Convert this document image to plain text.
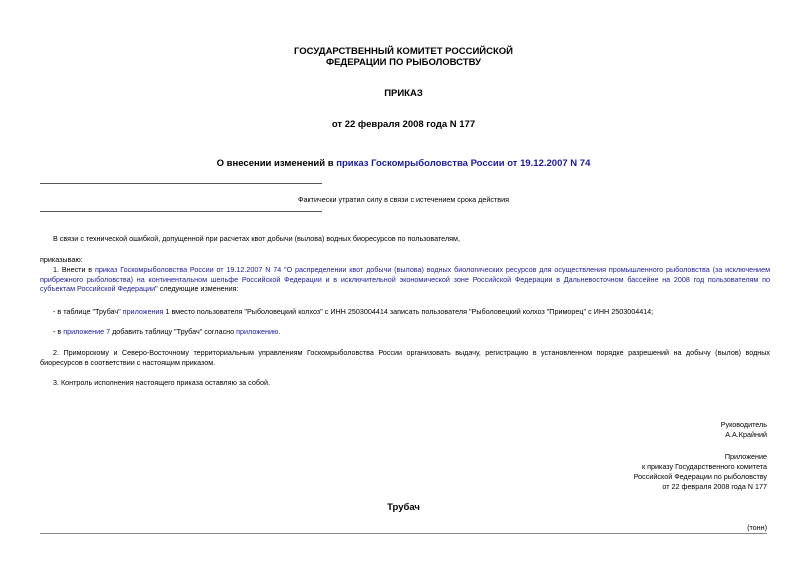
ГОСУДАРСТВЕННЫЙ КОМИТЕТ РОССИЙСКОЙ
ФЕДЕРАЦИИ ПО РЫБОЛОВСТВУ
ПРИКАЗ
от 22 февраля 2008 года N 177
О внесении изменений в приказ Госкомрыболовства России от 19.12.2007 N 74
Фактически утратил силу в связи с истечением срока действия
В связи с технической ошибкой, допущенной при расчетах квот добычи (вылова) водных биоресурсов по пользователям,
приказываю:
1. Внести в приказ Госкомрыболовства России от 19.12.2007 N 74 "О распределении квот добычи (вылова) водных биологических ресурсов для осуществления промышленного рыболовства (за исключением прибрежного рыболовства) на континентальном шельфе Российской Федерации и в исключительной экономической зоне Российской Федерации в Дальневосточном бассейне на 2008 год пользователям по субъектам Российской Федерации" следующие изменения:
- в таблице "Трубач" приложения 1 вместо пользователя "Рыболовецкий колхоз" с ИНН 2503004414 записать пользователя "Рыболовецкий колхоз "Приморец" с ИНН 2503004414;
- в приложение 7 добавить таблицу "Трубач" согласно приложению.
2. Приморскому и Северо-Восточному территориальным управлениям Госкомрыболовства России организовать выдачу, регистрацию в установленном порядке разрешений на добычу (вылов) водных биоресурсов в соответствии с настоящим приказом.
3. Контроль исполнения настоящего приказа оставляю за собой.
Руководитель
А.А.Крайний
Приложение
к приказу Государственного комитета
Российской Федерации по рыболовству
от 22 февраля 2008 года N 177
Трубач
(тонн)
